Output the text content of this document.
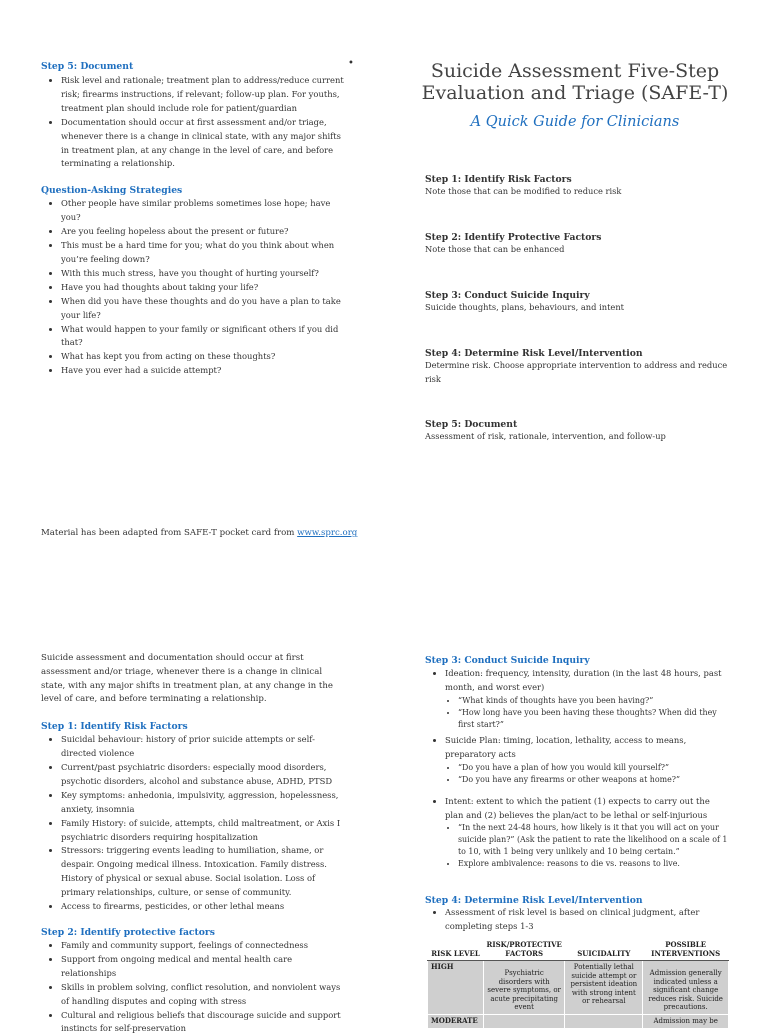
Step 5: Document
• Risk level and rationale; treatment plan to address/reduce current risk; firearms instructions, if relevant; follow-up plan. For youths, treatment plan should include role for patient/guardian
• Documentation should occur at first assessment and/or triage, whenever there is a change in clinical state, with any major shifts in treatment plan, at any change in the level of care, and before terminating a relationship.
Question-Asking Strategies
• Other people have similar problems sometimes lose hope; have you?
• Are you feeling hopeless about the present or future?
• This must be a hard time for you; what do you think about when you’re feeling down?
• With this much stress, have you thought of hurting yourself?
• Have you had thoughts about taking your life?
• When did you have these thoughts and do you have a plan to take your life?
• What would happen to your family or significant others if you did that?
• What has kept you from acting on these thoughts?
• Have you ever had a suicide attempt?
Material has been adapted from SAFE-T pocket card from www.sprc.org
•	Suicide Assessment Five-Step Evaluation and Triage (SAFE-T)
A Quick Guide for Clinicians
Step 1: Identify Risk Factors
Note those that can be modified to reduce risk
Step 2: Identify Protective Factors
Note those that can be enhanced
Step 3: Conduct Suicide Inquiry
Suicide thoughts, plans, behaviours, and intent
Step 4: Determine Risk Level/Intervention
Determine risk. Choose appropriate intervention to address and reduce risk
Step 5: Document
Assessment of risk, rationale, intervention, and follow-up
Suicide assessment and documentation should occur at first assessment and/or triage, whenever there is a change in clinical state, with any major shifts in treatment plan, at any change in the level of care, and before terminating a relationship.
Step 1: Identify Risk Factors
• Suicidal behaviour: history of prior suicide attempts or self-directed violence
• Current/past psychiatric disorders: especially mood disorders, psychotic disorders, alcohol and substance abuse, ADHD, PTSD
• Key symptoms: anhedonia, impulsivity, aggression, hopelessness, anxiety, insomnia
• Family History: of suicide, attempts, child maltreatment, or Axis I psychiatric disorders requiring hospitalization
• Stressors: triggering events leading to humiliation, shame, or despair. Ongoing medical illness. Intoxication. Family distress. History of physical or sexual abuse. Social isolation. Loss of primary relationships, culture, or sense of community.
• Access to firearms, pesticides, or other lethal means
Step 2: Identify protective factors
• Family and community support, feelings of connectedness
• Support from ongoing medical and mental health care relationships
• Skills in problem solving, conflict resolution, and nonviolent ways of handling disputes and coping with stress
• Cultural and religious beliefs that discourage suicide and support instincts for self-preservation
Step 3: Conduct Suicide Inquiry
• Ideation: frequency, intensity, duration (in the last 48 hours, past month, and worst ever)
• “What kinds of thoughts have you been having?”
• “How long have you been having these thoughts? When did they first start?”
• Suicide Plan: timing, location, lethality, access to means, preparatory acts
• “Do you have a plan of how you would kill yourself?”
• “Do you have any firearms or other weapons at home?”
• Intent: extent to which the patient (1) expects to carry out the plan and (2) believes the plan/act to be lethal or self-injurious
• “In the next 24-48 hours, how likely is it that you will act on your suicide plan?” (Ask the patient to rate the likelihood on a scale of 1 to 10, with 1 being very unlikely and 10 being certain.”
• Explore ambivalence: reasons to die vs. reasons to live.
Step 4: Determine Risk Level/Intervention
• Assessment of risk level is based on clinical judgment, after completing steps 1-3
RISK LEVEL	RISK/PROTECTIVE FACTORS	SUICIDALITY	POSSIBLE INTERVENTIONS
HIGH	Psychiatric disorders with severe symptoms, or acute precipitating event	Potentially lethal suicide attempt or persistent ideation with strong intent or rehearsal	Admission generally indicated unless a significant change reduces risk. Suicide precautions.
MODERATE			Admission may be
